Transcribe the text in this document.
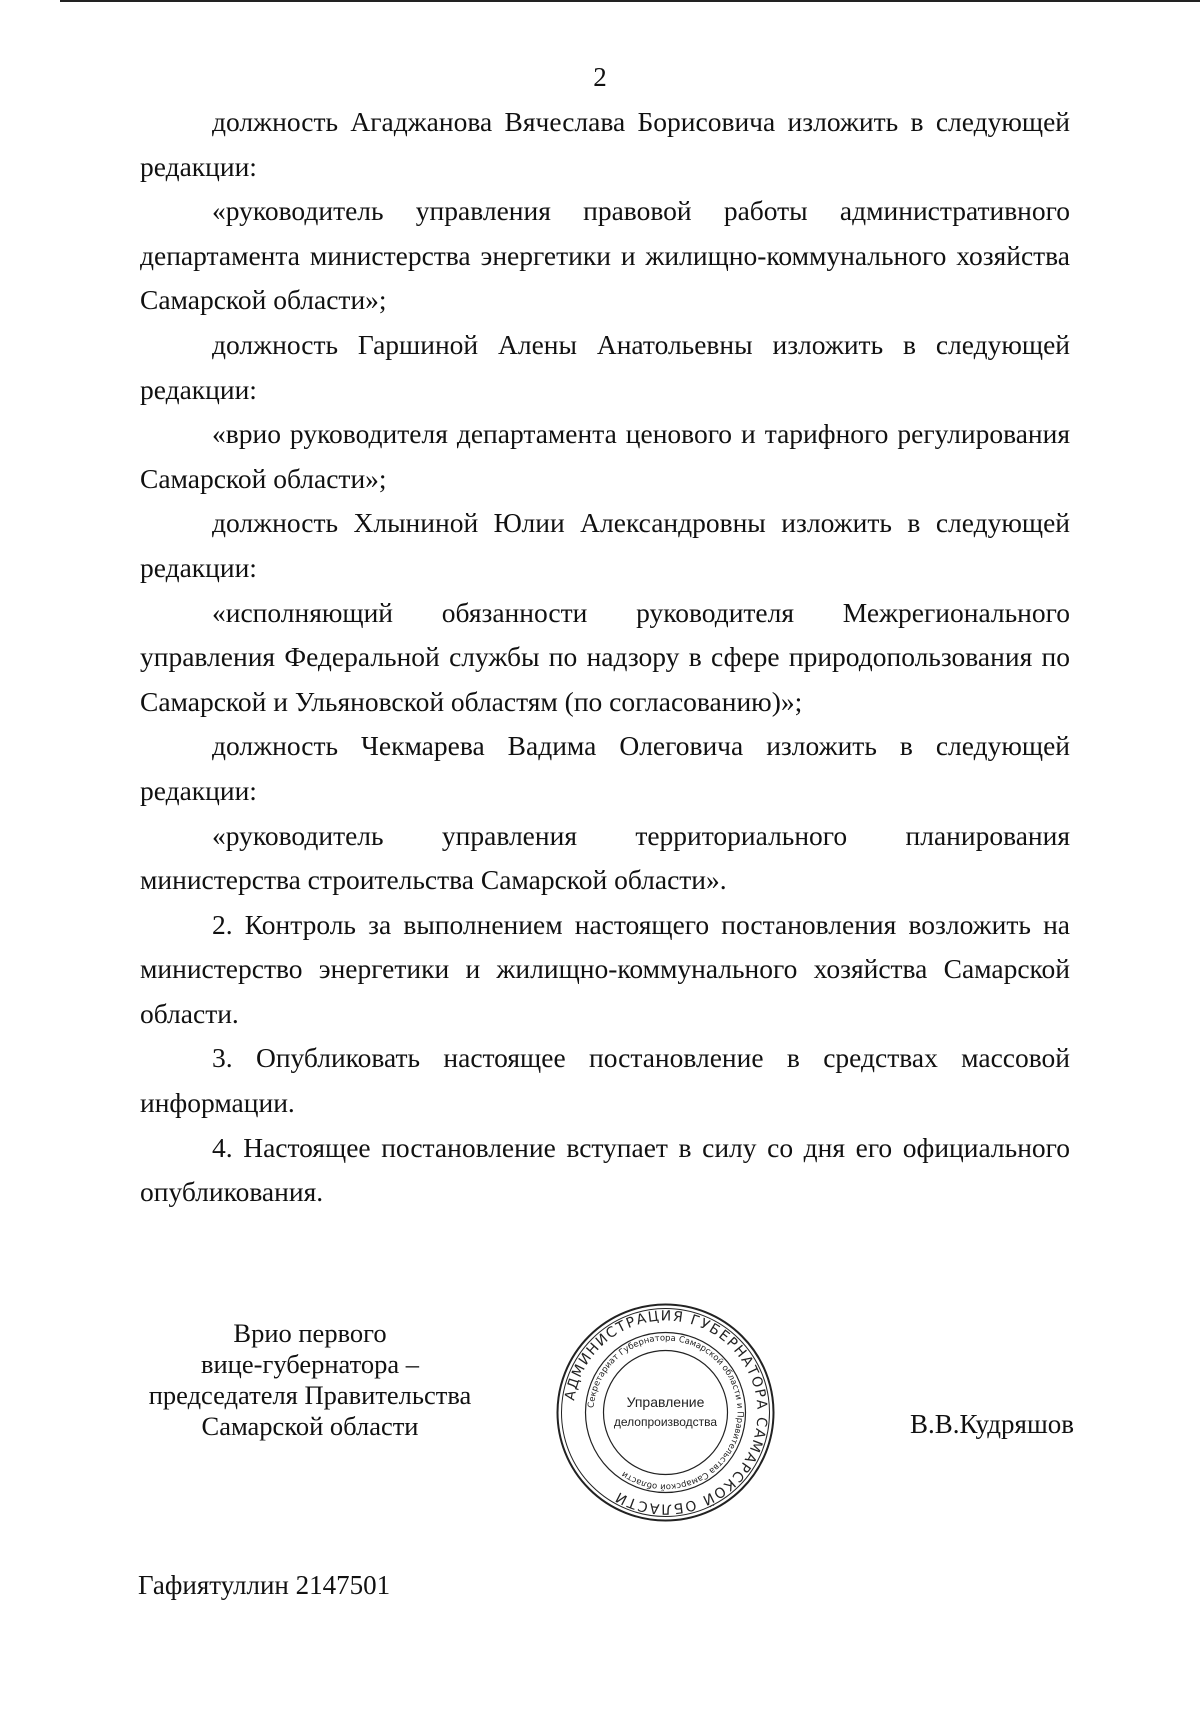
2

должность Агаджанова Вячеслава Борисовича изложить в следующей редакции:

«руководитель управления правовой работы административного департамента министерства энергетики и жилищно-коммунального хозяйства Самарской области»;

должность Гаршиной Алены Анатольевны изложить в следующей редакции:

«врио руководителя департамента ценового и тарифного регулирования Самарской области»;

должность Хлыниной Юлии Александровны изложить в следующей редакции:

«исполняющий обязанности руководителя Межрегионального управления Федеральной службы по надзору в сфере природопользования по Самарской и Ульяновской областям (по согласованию)»;

должность Чекмарева Вадима Олеговича изложить в следующей редакции:

«руководитель управления территориального планирования министерства строительства Самарской области».

2. Контроль за выполнением настоящего постановления возложить на министерство энергетики и жилищно-коммунального хозяйства Самарской области.

3. Опубликовать настоящее постановление в средствах массовой информации.

4. Настоящее постановление вступает в силу со дня его официального опубликования.

Врио первого
вице-губернатора –
председателя Правительства
Самарской области
АДМИНИСТРАЦИЯ ГУБЕРНАТОРА САМАРСКОЙ ОБЛАСТИ
Секретариат Губернатора Самарской области и Правительства Самарской области
Управление
делопроизводства	В.В.Кудряшов
Гафиятуллин 2147501
